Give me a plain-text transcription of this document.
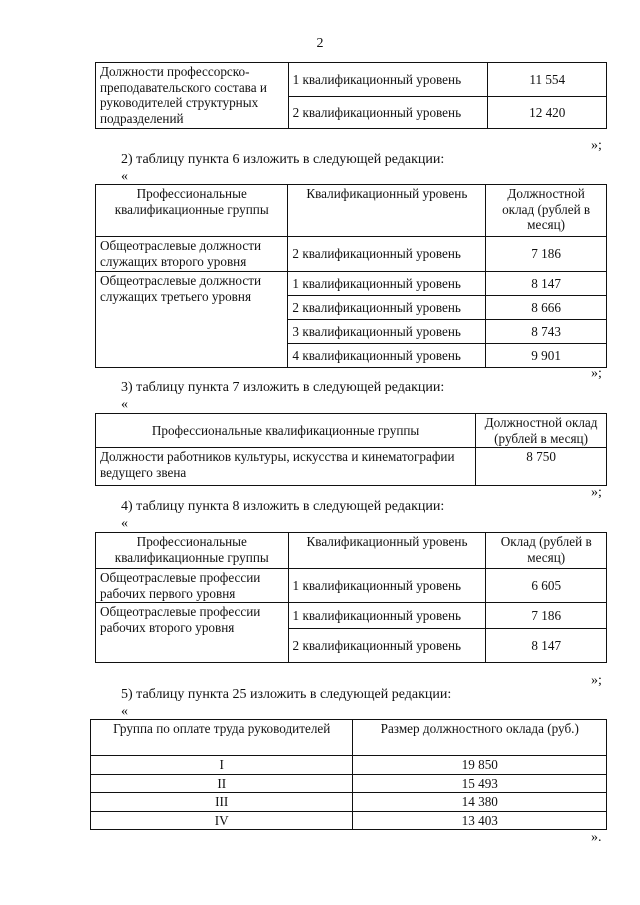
2
Должности профессорско-преподавательского состава и руководителей структурных подразделений	1 квалификационный уровень	11 554
	2 квалификационный уровень	12 420
»;
2) таблицу пункта 6 изложить в следующей редакции:
«
Профессиональные квалификационные группы	Квалификационный уровень	Должностной оклад (рублей в месяц)
Общеотраслевые должности служащих второго уровня	2 квалификационный уровень	7 186
Общеотраслевые должности служащих третьего уровня	1 квалификационный уровень	8 147
	2 квалификационный уровень	8 666
	3 квалификационный уровень	8 743
	4 квалификационный уровень	9 901
»;
3) таблицу пункта 7 изложить в следующей редакции:
«
Профессиональные квалификационные группы	Должностной оклад (рублей в месяц)
Должности работников культуры, искусства и кинематографии ведущего звена	8 750
»;
4) таблицу пункта 8 изложить в следующей редакции:
«
Профессиональные квалификационные группы	Квалификационный уровень	Оклад (рублей в месяц)
Общеотраслевые профессии рабочих первого уровня	1 квалификационный уровень	6 605
Общеотраслевые профессии рабочих второго уровня	1 квалификационный уровень	7 186
	2 квалификационный уровень	8 147
»;
5) таблицу пункта 25 изложить в следующей редакции:
«
Группа по оплате труда руководителей	Размер должностного оклада (руб.)
I	19 850
II	15 493
III	14 380
IV	13 403
».
